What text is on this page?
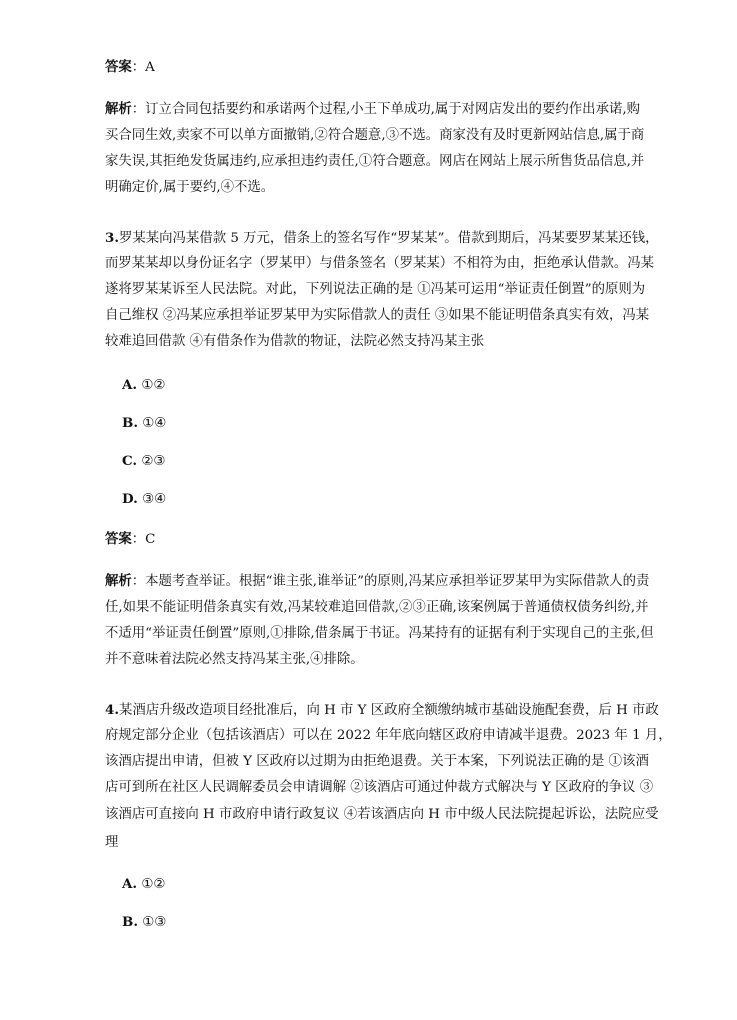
答案：A
解析：订立合同包括要约和承诺两个过程,小王下单成功,属于对网店发出的要约作出承诺,购
买合同生效,卖家不可以单方面撤销,②符合题意,③不选。商家没有及时更新网站信息,属于商
家失误,其拒绝发货属违约,应承担违约责任,①符合题意。网店在网站上展示所售货品信息,并
明确定价,属于要约,④不选。
3.罗某某向冯某借款 5 万元，借条上的签名写作“罗某某”。借款到期后，冯某要罗某某还钱，
而罗某某却以身份证名字（罗某甲）与借条签名（罗某某）不相符为由，拒绝承认借款。冯某
遂将罗某某诉至人民法院。对此，下列说法正确的是 ①冯某可运用“举证责任倒置”的原则为
自己维权 ②冯某应承担举证罗某甲为实际借款人的责任 ③如果不能证明借条真实有效，冯某
较难追回借款 ④有借条作为借款的物证，法院必然支持冯某主张
A. ①②
B. ①④
C. ②③
D. ③④
答案：C
解析：本题考查举证。根据“谁主张,谁举证”的原则,冯某应承担举证罗某甲为实际借款人的责
任,如果不能证明借条真实有效,冯某较难追回借款,②③正确,该案例属于普通债权债务纠纷,并
不适用“举证责任倒置”原则,①排除,借条属于书证。冯某持有的证据有利于实现自己的主张,但
并不意味着法院必然支持冯某主张,④排除。
4.某酒店升级改造项目经批准后，向 H 市 Y 区政府全额缴纳城市基础设施配套费，后 H 市政
府规定部分企业（包括该酒店）可以在 2022 年年底向辖区政府申请减半退费。2023 年 1 月，
该酒店提出申请，但被 Y 区政府以过期为由拒绝退费。关于本案，下列说法正确的是 ①该酒
店可到所在社区人民调解委员会申请调解 ②该酒店可通过仲裁方式解决与 Y 区政府的争议 ③
该酒店可直接向 H 市政府申请行政复议 ④若该酒店向 H 市中级人民法院提起诉讼，法院应受
理
A. ①②
B. ①③
